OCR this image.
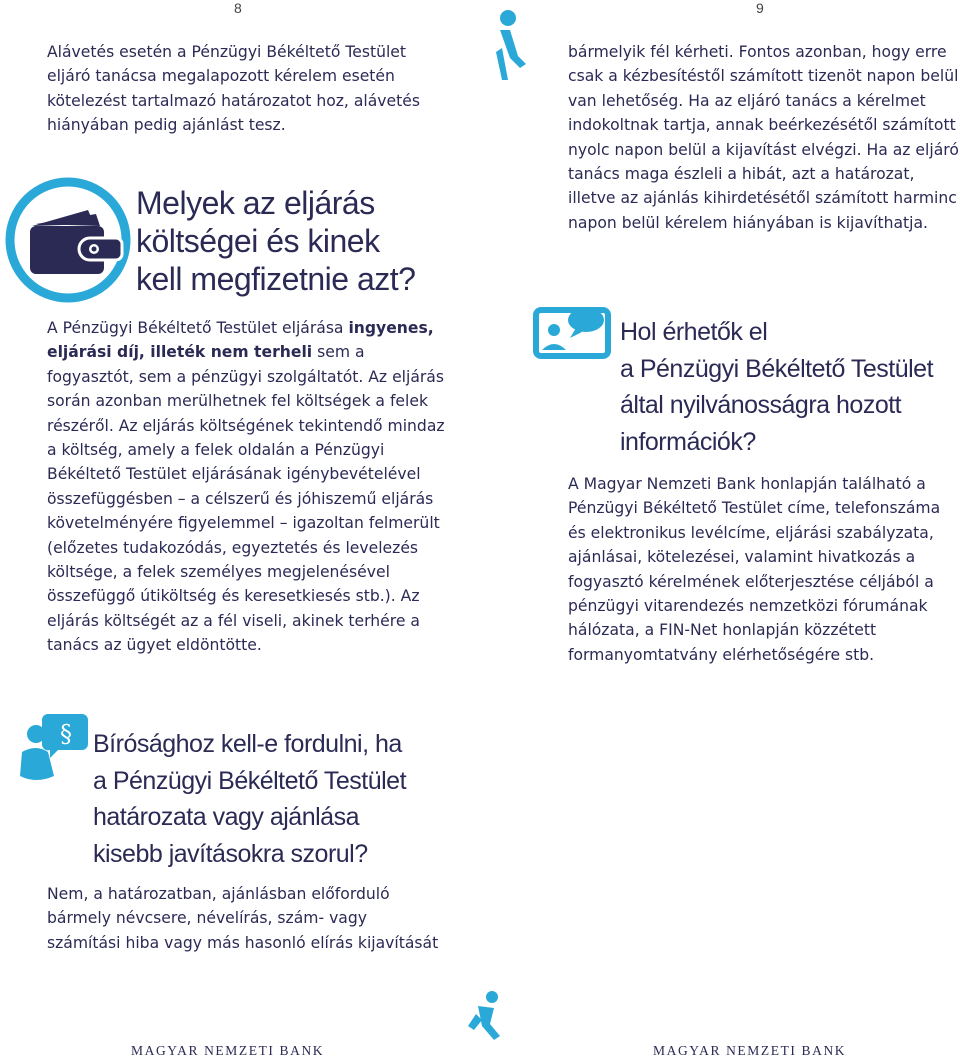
8

Alávetés esetén a Pénzügyi Békéltető Testület eljáró tanácsa megalapozott kérelem esetén kötelezést tartalmazó határozatot hoz, alávetés hiányában pedig ajánlást tesz.

Melyek az eljárás
költségei és kinek
kell megfizetnie azt?

A Pénzügyi Békéltető Testület eljárása ingyenes, eljárási díj, illeték nem terheli sem a fogyasztót, sem a pénzügyi szolgáltatót. Az eljárás során azonban merülhetnek fel költségek a felek részéről. Az eljárás költségének tekintendő mindaz a költség, amely a felek oldalán a Pénzügyi Békéltető Testület eljárásának igénybevételével összefüggésben – a célszerű és jóhiszemű eljárás követelményére figyelemmel – igazoltan felmerült (előzetes tudakozódás, egyeztetés és levelezés költsége, a felek személyes megjelenésével összefüggő útiköltség és keresetkiesés stb.). Az eljárás költségét az a fél viseli, akinek terhére a tanács az ügyet eldöntötte.

§ Bírósághoz kell-e fordulni, ha
a Pénzügyi Békéltető Testület
határozata vagy ajánlása
kisebb javításokra szorul?

Nem, a határozatban, ajánlásban előforduló bármely névcsere, névelírás, szám- vagy számítási hiba vagy más hasonló elírás kijavítását

MAGYAR NEMZETI BANK
9

bármelyik fél kérheti. Fontos azonban, hogy erre csak a kézbesítéstől számított tizenöt napon belül van lehetőség. Ha az eljáró tanács a kérelmet indokoltnak tartja, annak beérkezésétől számított nyolc napon belül a kijavítást elvégzi. Ha az eljáró tanács maga észleli a hibát, azt a határozat, illetve az ajánlás kihirdetésétől számított harminc napon belül kérelem hiányában is kijavíthatja.

Hol érhetők el
a Pénzügyi Békéltető Testület
által nyilvánosságra hozott
információk?

A Magyar Nemzeti Bank honlapján található a Pénzügyi Békéltető Testület címe, telefonszáma és elektronikus levélcíme, eljárási szabályzata, ajánlásai, kötelezései, valamint hivatkozás a fogyasztó kérelmének előterjesztése céljából a pénzügyi vitarendezés nemzetközi fórumának hálózata, a FIN-Net honlapján közzétett formanyomtatvány elérhetőségére stb.

MAGYAR NEMZETI BANK
